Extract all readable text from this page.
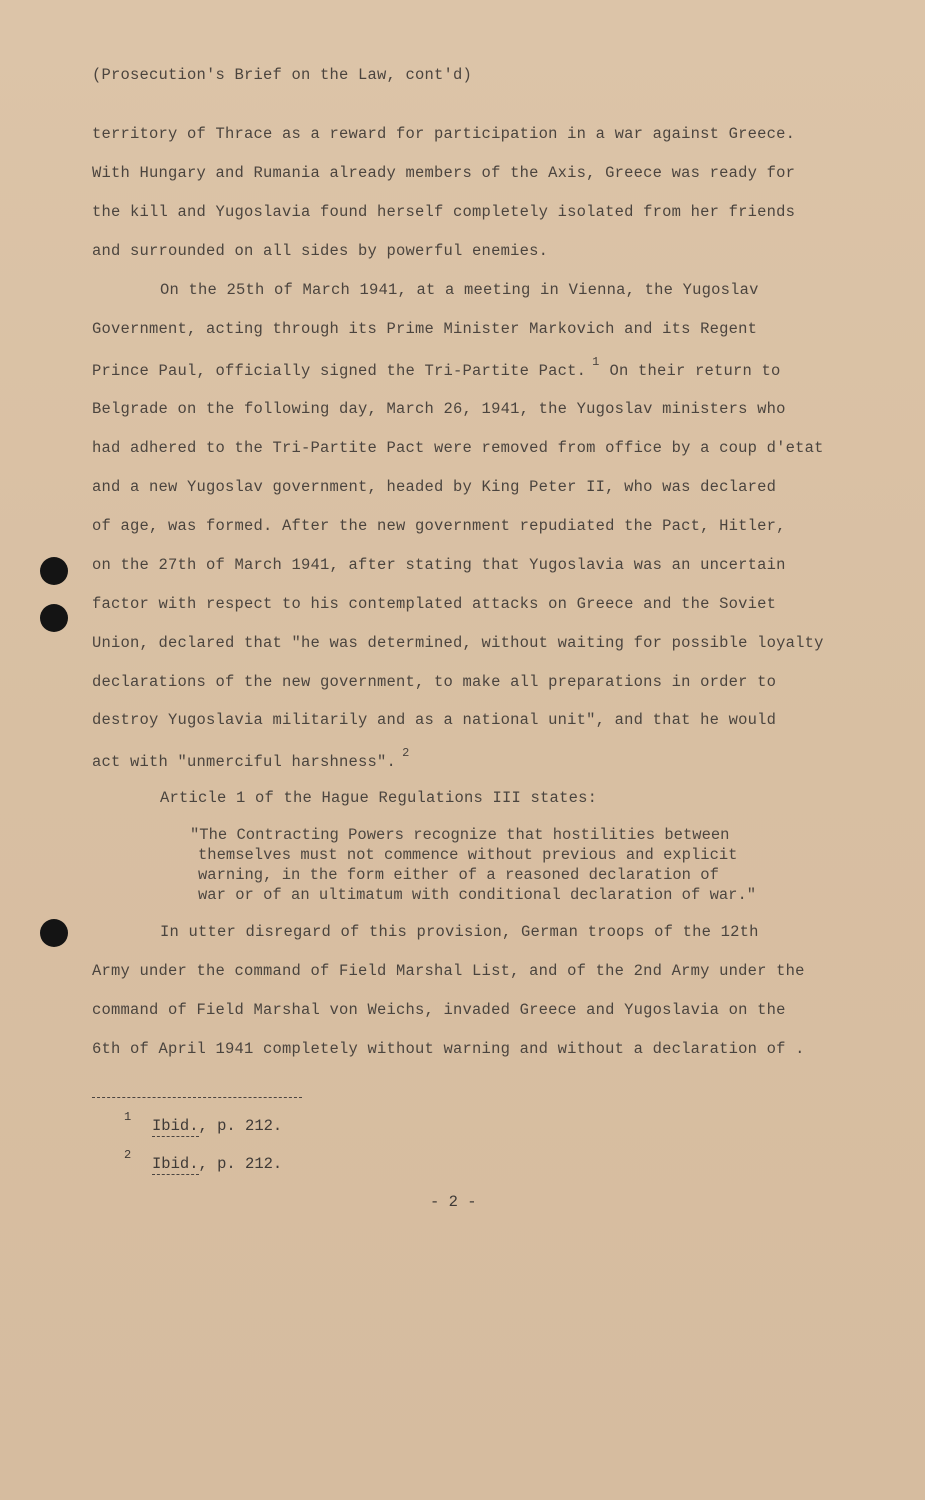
(Prosecution's Brief on the Law, cont'd)
territory of Thrace as a reward for participation in a war against Greece.
With Hungary and Rumania already members of the Axis, Greece was ready for
the kill and Yugoslavia found herself completely isolated from her friends
and surrounded on all sides by powerful enemies.
On the 25th of March 1941, at a meeting in Vienna, the Yugoslav
Government, acting through its Prime Minister Markovich and its Regent
Prince Paul, officially signed the Tri-Partite Pact.$^1$On their return to
Belgrade on the following day, March 26, 1941, the Yugoslav ministers who
had adhered to the Tri-Partite Pact were removed from office by a coup d'etat
and a new Yugoslav government, headed by King Peter II, who was declared
of age, was formed. After the new government repudiated the Pact, Hitler,
on the 27th of March 1941, after stating that Yugoslavia was an uncertain
factor with respect to his contemplated attacks on Greece and the Soviet
Union, declared that "he was determined, without waiting for possible loyalty
declarations of the new government, to make all preparations in order to
destroy Yugoslavia militarily and as a national unit", and that he would
act with "unmerciful harshness".$^2$
Article 1 of the Hague Regulations III states:
"The Contracting Powers recognize that hostilities between
themselves must not commence without previous and explicit
warning, in the form either of a reasoned declaration of
war or of an ultimatum with conditional declaration of war."
In utter disregard of this provision, German troops of the 12th
Army under the command of Field Marshal List, and of the 2nd Army under the
command of Field Marshal von Weichs, invaded Greece and Yugoslavia on the
6th of April 1941 completely without warning and without a declaration of .
1 Ibid., p. 212.
2 Ibid., p. 212.
- 2 -
